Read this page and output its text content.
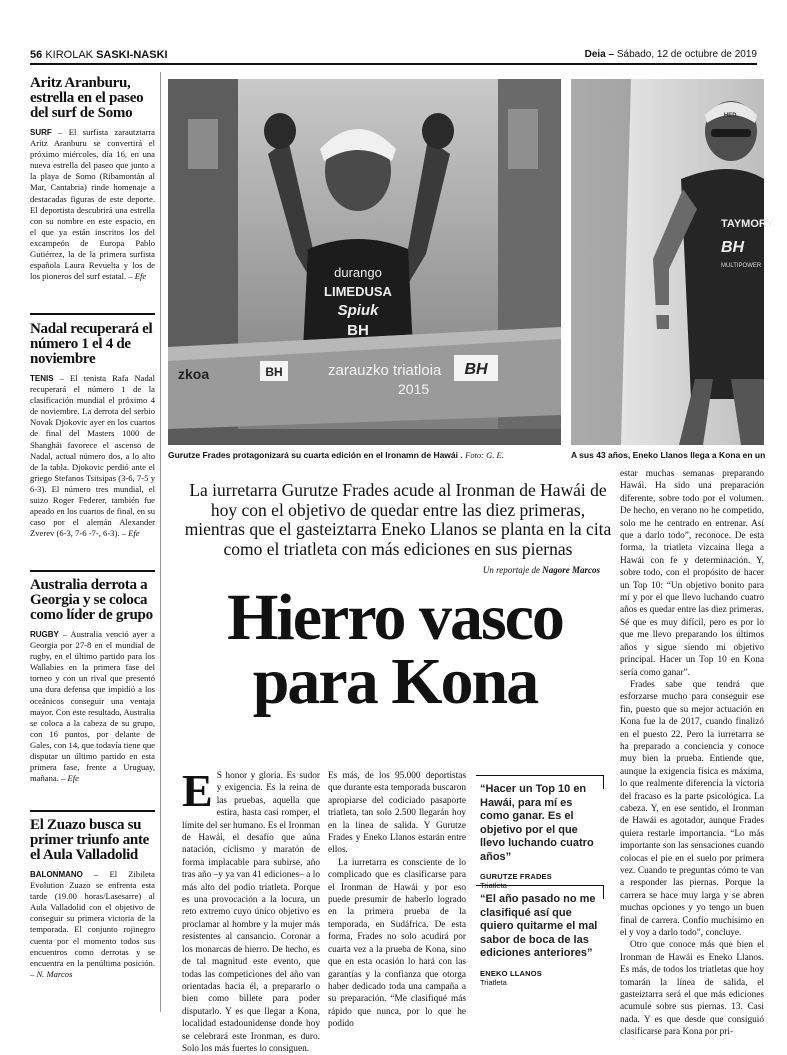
56 KIROLAK SASKI-NASKI	Deia – Sábado, 12 de octubre de 2019
Aritz Aranburu, estrella en el paseo del surf de Somo
SURF – El surfista zarautztarra Aritz Aranburu se convertirá el próximo miércoles, día 16, en una nueva estrella del paseo que junto a la playa de Somo (Ribamontán al Mar, Cantabria) rinde homenaje a destacadas figuras de este deporte. El deportista descubrirá una estrella con su nombre en este espacio, en el que ya están inscritos los del excampeón de Europa Pablo Gutiérrez, la de la primera surfista española Laura Revuelta y los de los pioneros del surf estatal. – Efe
Nadal recuperará el número 1 el 4 de noviembre
TENIS – El tenista Rafa Nadal recuperará el número 1 de la clasificación mundial el próximo 4 de noviembre. La derrota del serbio Novak Djokovic ayer en los cuartos de final del Masters 1000 de Shanghái favorece el ascenso de Nadal, actual número dos, a lo alto de la tabla. Djokovic perdió ante el griego Stefanos Tsitsipas (3-6, 7-5 y 6-3). El número tres mundial, el suizo Roger Federer, también fue apeado en los cuartos de final, en su caso por el alemán Alexander Zverev (6-3, 7-6 -7-, 6-3). – Efe
Australia derrota a Georgia y se coloca como líder de grupo
RUGBY – Australia venció ayer a Georgia por 27-8 en el mundial de rugby, en el último partido para los Wallabies en la primera fase del torneo y con un rival que presentó una dura defensa que impidió a los oceánicos conseguir una ventaja mayor. Con este resultado, Australia se coloca a la cabeza de su grupo, con 16 puntos, por delante de Gales, con 14, que todavía tiene que disputar un último partido en esta primera fase, frente a Uruguay, mañana. – Efe
El Zuazo busca su primer triunfo ante el Aula Valladolid
BALONMANO – El Zibileta Evolution Zuazo se enfrenta esta tarde (19.00 horas/Lasesarre) al Aula Valladolid con el objetivo de conseguir su primera victoria de la temporada. El conjunto rojinegro cuenta por el momento todos sus encuentros como derrotas y se encuentra en la penúltima posición. – N. Marcos
durango
LIMEDUSA
Spiuk
BH
zkoa	BH	zarauzko triatloia
2015
BH
Gurutze Frades protagonizará su cuarta edición en el Ironamn de Hawái . Foto: G. E.
HED.
TAYMORY
BH
MULTIPOWER
A sus 43 años, Eneko Llanos llega a Kona en un
La iurretarra Gurutze Frades acude al Ironman de Hawái de hoy con el objetivo de quedar entre las diez primeras, mientras que el gasteiztarra Eneko Llanos se planta en la cita como el triatleta con más ediciones en sus piernas
Un reportaje de Nagore Marcos
Hierro vasco
para Kona
E S honor y gloria. Es sudor y exigencia. Es la reina de las pruebas, aquella que estira, hasta casi romper, el límite del ser humano. Es el Ironman de Hawái, el desafío que aúna natación, ciclismo y maratón de forma implacable para subirse, año tras año –y ya van 41 ediciones– a lo más alto del podio triatleta. Porque es una provocación a la locura, un reto extremo cuyo único objetivo es proclamar al hombre y la mujer más resistentes al cansancio. Coronar a los monarcas de hierro. De hecho, es de tal magnitud este evento, que todas las competiciones del año van orientadas hacia él, a prepararlo o bien como billete para poder disputarlo. Y es que llegar a Kona, localidad estadounidense donde hoy se celebrará este Ironman, es duro. Solo los más fuertes lo consiguen.

Es más, de los 95.000 deportistas que durante esta temporada buscaron apropiarse del codiciado pasaporte triatleta, tan solo 2.500 llegarán hoy en la línea de salida. Y Gurutze Frades y Eneko Llanos estarán entre ellos.

La iurretarra es consciente de lo complicado que es clasificarse para el Ironman de Hawái y por eso puede presumir de haberlo logrado en la primera prueba de la temporada, en Sudáfrica. De esta forma, Frades no solo acudirá por cuarta vez a la prueba de Kona, sino que en esta ocasión lo hará con las garantías y la confianza que otorga haber dedicado toda una campaña a su preparación. “Me clasifiqué más rápido que nunca, por lo que he podido

“Hacer un Top 10 en Hawái, para mí es como ganar. Es el objetivo por el que llevo luchando cuatro años”
GURUTZE FRADES
“El año pasado no me clasifiqué así que quiero quitarme el mal sabor de boca de las ediciones anteriores”
ENEKO LLANOS
Triatleta

estar muchas semanas preparando Hawái. Ha sido una preparación diferente, sobre todo por el volumen. De hecho, en verano no he competido, solo me he centrado en entrenar. Así que a darlo todo”, reconoce. De esta forma, la triatleta vizcaína llega a Hawái con fe y determinación. Y, sobre todo, con el propósito de hacer un Top 10: “Un objetivo bonito para mí y por el que llevo luchando cuatro años es quedar entre las diez primeras. Sé que es muy difícil, pero es por lo que me llevo preparando los últimos años y sigue siendo mi objetivo principal. Hacer un Top 10 en Kona sería como ganar”.

Frades sabe que tendrá que esforzarse mucho para conseguir ese fin, puesto que su mejor actuación en Kona fue la de 2017, cuando finalizó en el puesto 22. Pero la iurretarra se ha preparado a conciencia y conoce muy bien la prueba. Entiende que, aunque la exigencia física es máxima, lo que realmente diferencia la victoria del fracaso es la parte psicológica. La cabeza. Y, en ese sentido, el Ironman de Hawái es agotador, aunque Frades quiera restarle importancia. “Lo más importante son las sensaciones cuando colocas el pie en el suelo por primera vez. Cuando te preguntas cómo te van a responder las piernas. Porque la carrera se hace muy larga y se abren muchas opciones y yo tengo un buen final de carrera. Confío muchísimo en el y voy a darlo todo”, concluye.

Otro que conoce más que bien el Ironman de Hawái es Eneko Llanos. Es más, de todos los triatletas que hoy tomarán la línea de salida, el gasteiztarra será el que más ediciones acumule sobre sus piernas. 13. Casi nada. Y es que desde que consiguió clasificarse para Kona por pri-
